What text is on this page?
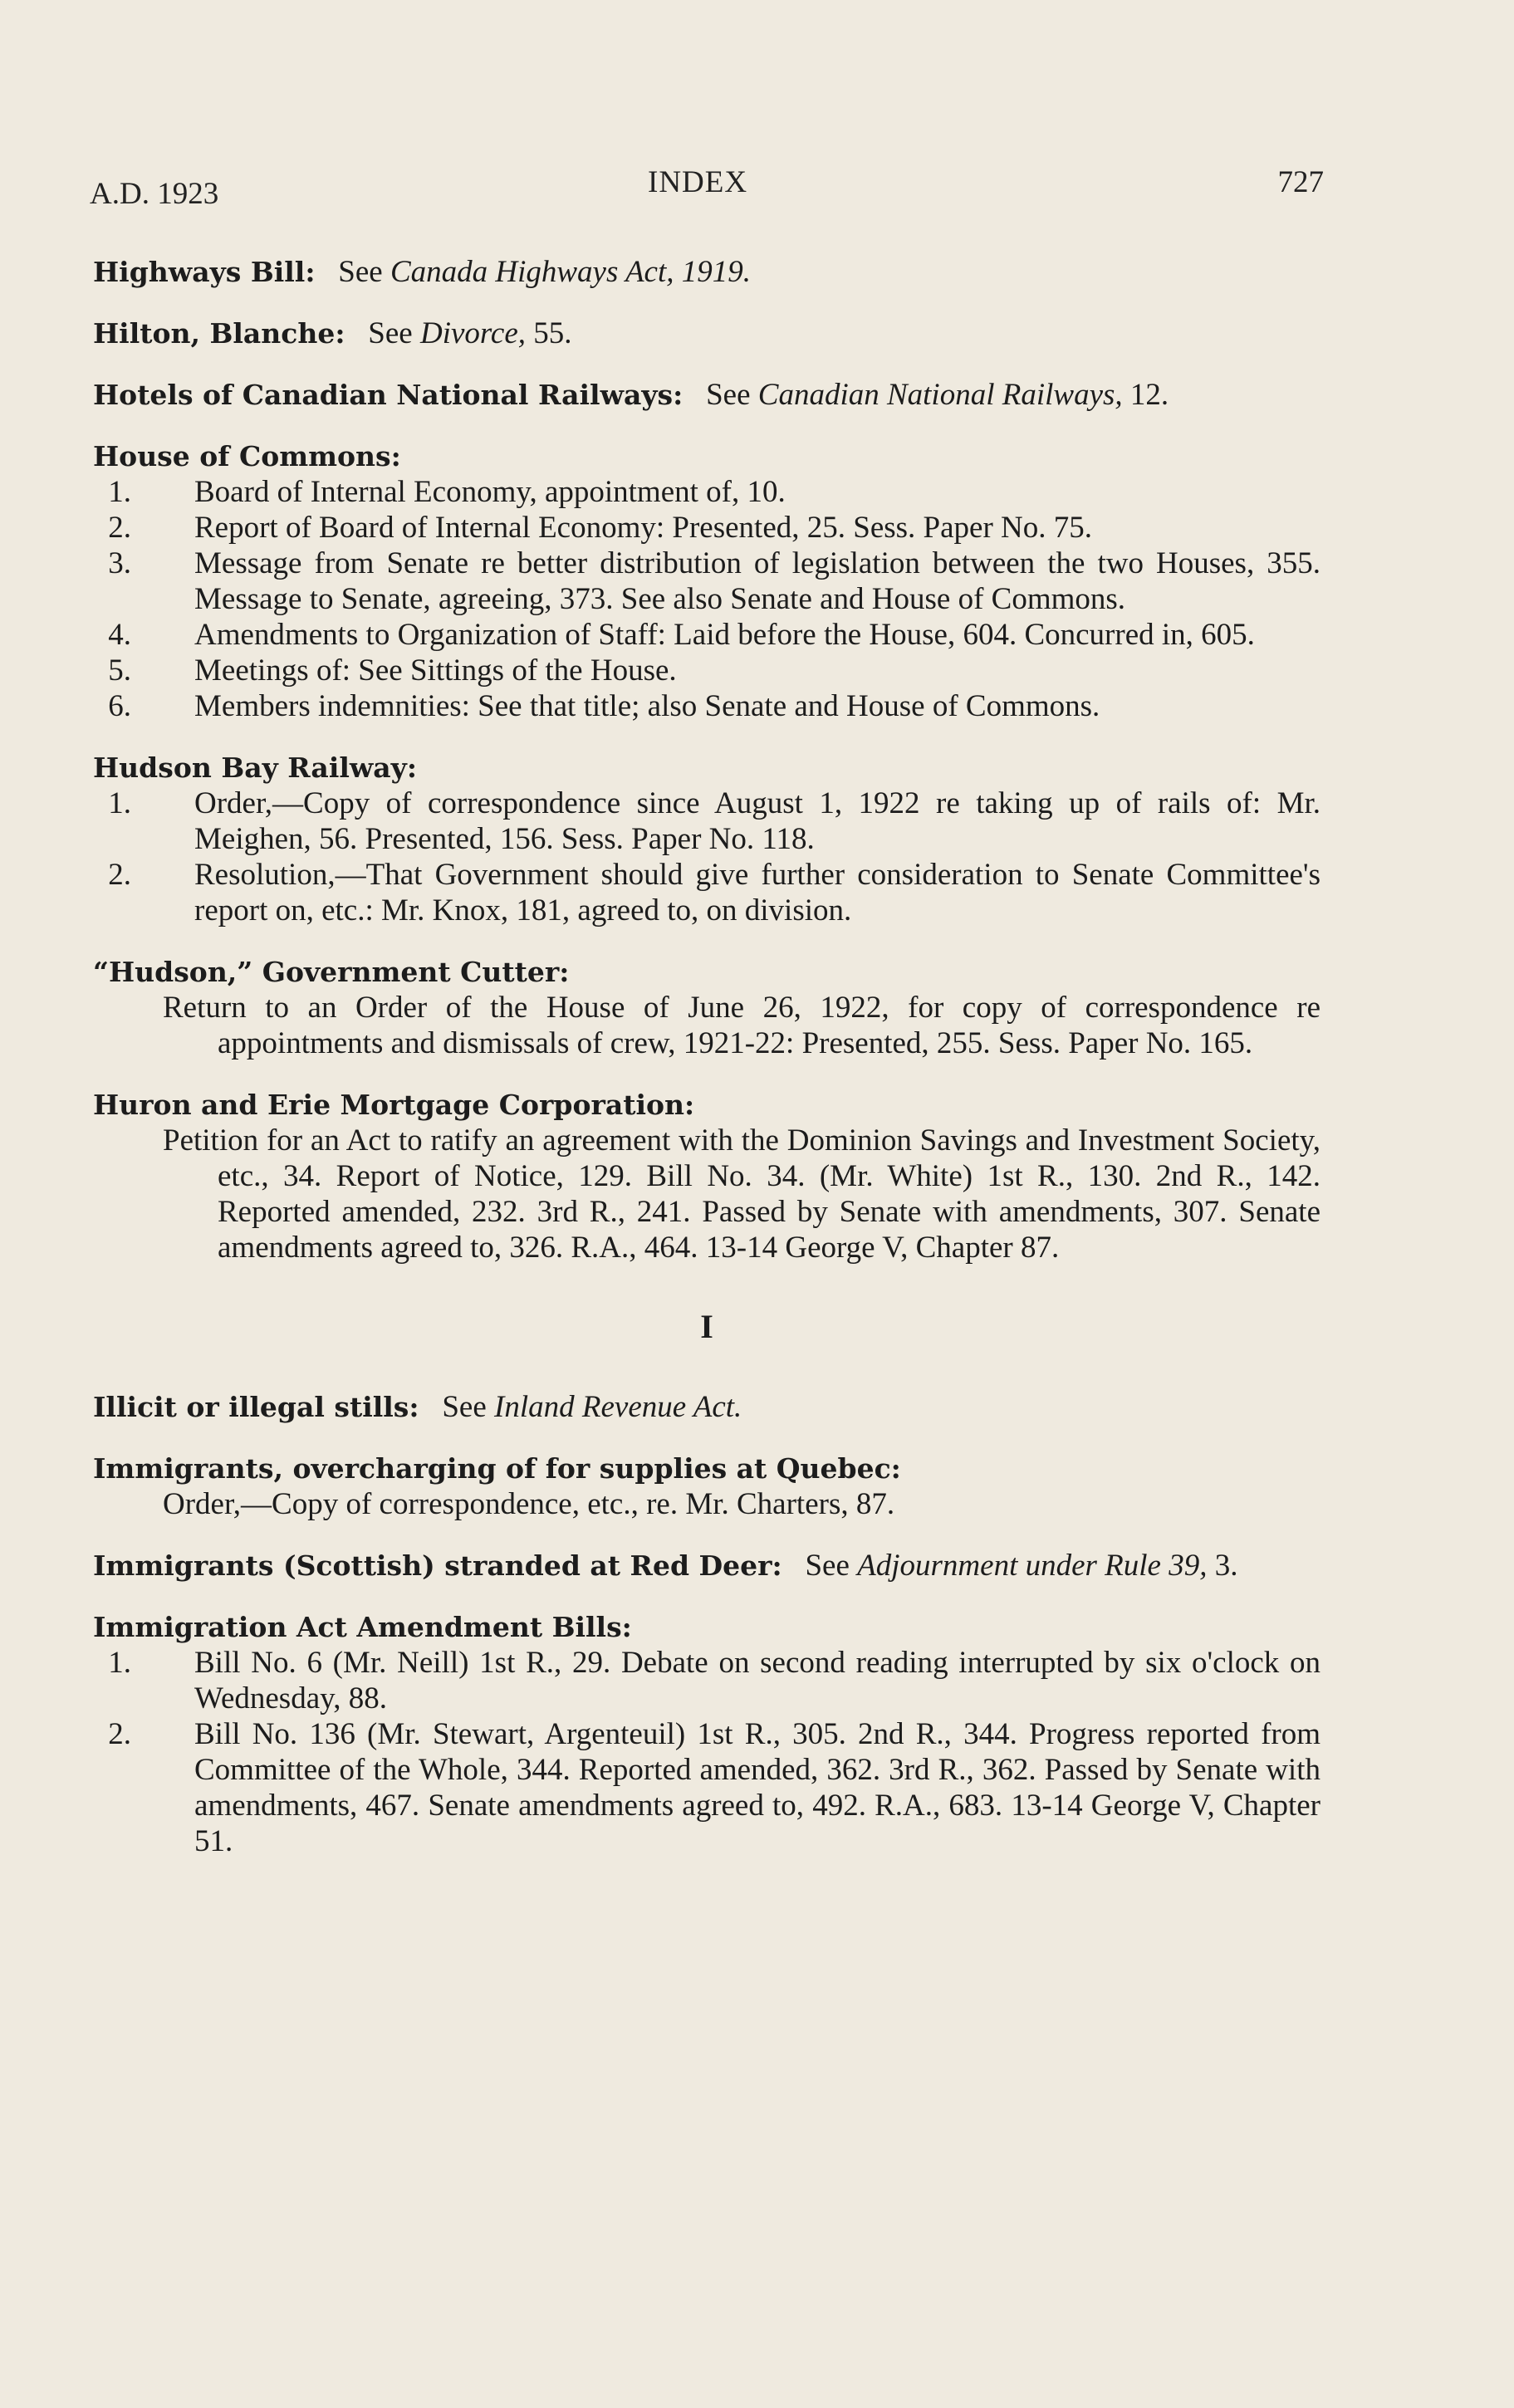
A.D. 1923	INDEX	727
Highways Bill: See Canada Highways Act, 1919.
Hilton, Blanche: See Divorce, 55.
Hotels of Canadian National Railways: See Canadian National Railways, 12.
House of Commons:
1.	Board of Internal Economy, appointment of, 10.
2.	Report of Board of Internal Economy: Presented, 25. Sess. Paper No. 75.
3.	Message from Senate re better distribution of legislation between the two Houses, 355. Message to Senate, agreeing, 373. See also Senate and House of Commons.
4.	Amendments to Organization of Staff: Laid before the House, 604. Concurred in, 605.
5.	Meetings of: See Sittings of the House.
6.	Members indemnities: See that title; also Senate and House of Commons.
Hudson Bay Railway:
1.	Order,—Copy of correspondence since August 1, 1922 re taking up of rails of: Mr. Meighen, 56. Presented, 156. Sess. Paper No. 118.
2.	Resolution,—That Government should give further consideration to Senate Committee's report on, etc.: Mr. Knox, 181, agreed to, on division.
“Hudson,” Government Cutter:
Return to an Order of the House of June 26, 1922, for copy of correspondence re appointments and dismissals of crew, 1921-22: Presented, 255. Sess. Paper No. 165.
Huron and Erie Mortgage Corporation:
Petition for an Act to ratify an agreement with the Dominion Savings and Investment Society, etc., 34. Report of Notice, 129. Bill No. 34. (Mr. White) 1st R., 130. 2nd R., 142. Reported amended, 232. 3rd R., 241. Passed by Senate with amendments, 307. Senate amendments agreed to, 326. R.A., 464. 13-14 George V, Chapter 87.
I
Illicit or illegal stills: See Inland Revenue Act.
Immigrants, overcharging of for supplies at Quebec:
Order,—Copy of correspondence, etc., re. Mr. Charters, 87.
Immigrants (Scottish) stranded at Red Deer: See Adjournment under Rule 39, 3.
Immigration Act Amendment Bills:
1.	Bill No. 6 (Mr. Neill) 1st R., 29. Debate on second reading interrupted by six o'clock on Wednesday, 88.
2.	Bill No. 136 (Mr. Stewart, Argenteuil) 1st R., 305. 2nd R., 344. Progress reported from Committee of the Whole, 344. Reported amended, 362. 3rd R., 362. Passed by Senate with amendments, 467. Senate amendments agreed to, 492. R.A., 683. 13-14 George V, Chapter 51.
